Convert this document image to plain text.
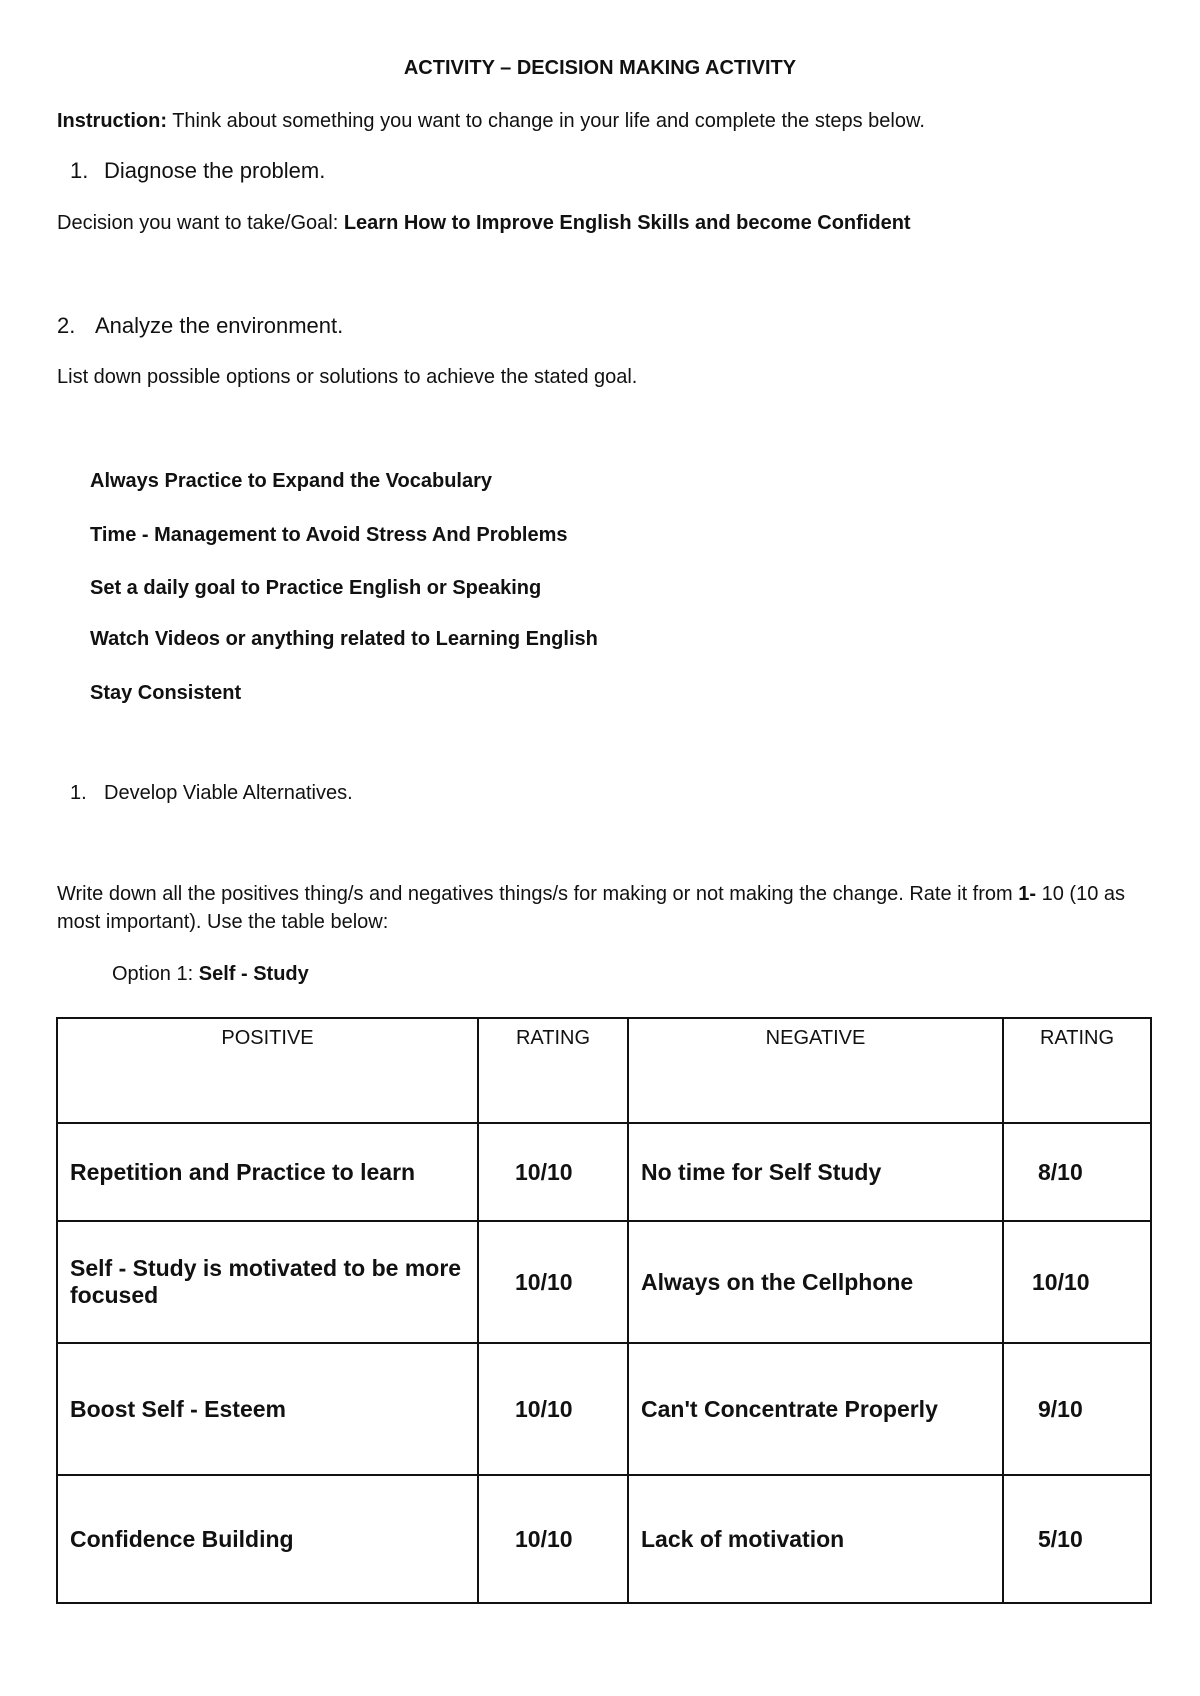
ACTIVITY – DECISION MAKING ACTIVITY
Instruction: Think about something you want to change in your life and complete the steps below.
1. Diagnose the problem.
Decision you want to take/Goal: Learn How to Improve English Skills and become Confident
2. Analyze the environment.
List down possible options or solutions to achieve the stated goal.
Always Practice to Expand the Vocabulary
Time - Management to Avoid Stress And Problems
Set a daily goal to Practice English or Speaking
Watch Videos or anything related to Learning English
Stay Consistent
1. Develop Viable Alternatives.
Write down all the positives thing/s and negatives things/s for making or not making the change. Rate it from 1- 10 (10 as most important). Use the table below:
Option 1: Self - Study
POSITIVE	RATING	NEGATIVE	RATING
Repetition and Practice to learn	10/10	No time for Self Study	8/10
Self - Study is motivated to be more focused	10/10	Always on the Cellphone	10/10
Boost Self - Esteem	10/10	Can't Concentrate Properly	9/10
Confidence Building	10/10	Lack of motivation	5/10
